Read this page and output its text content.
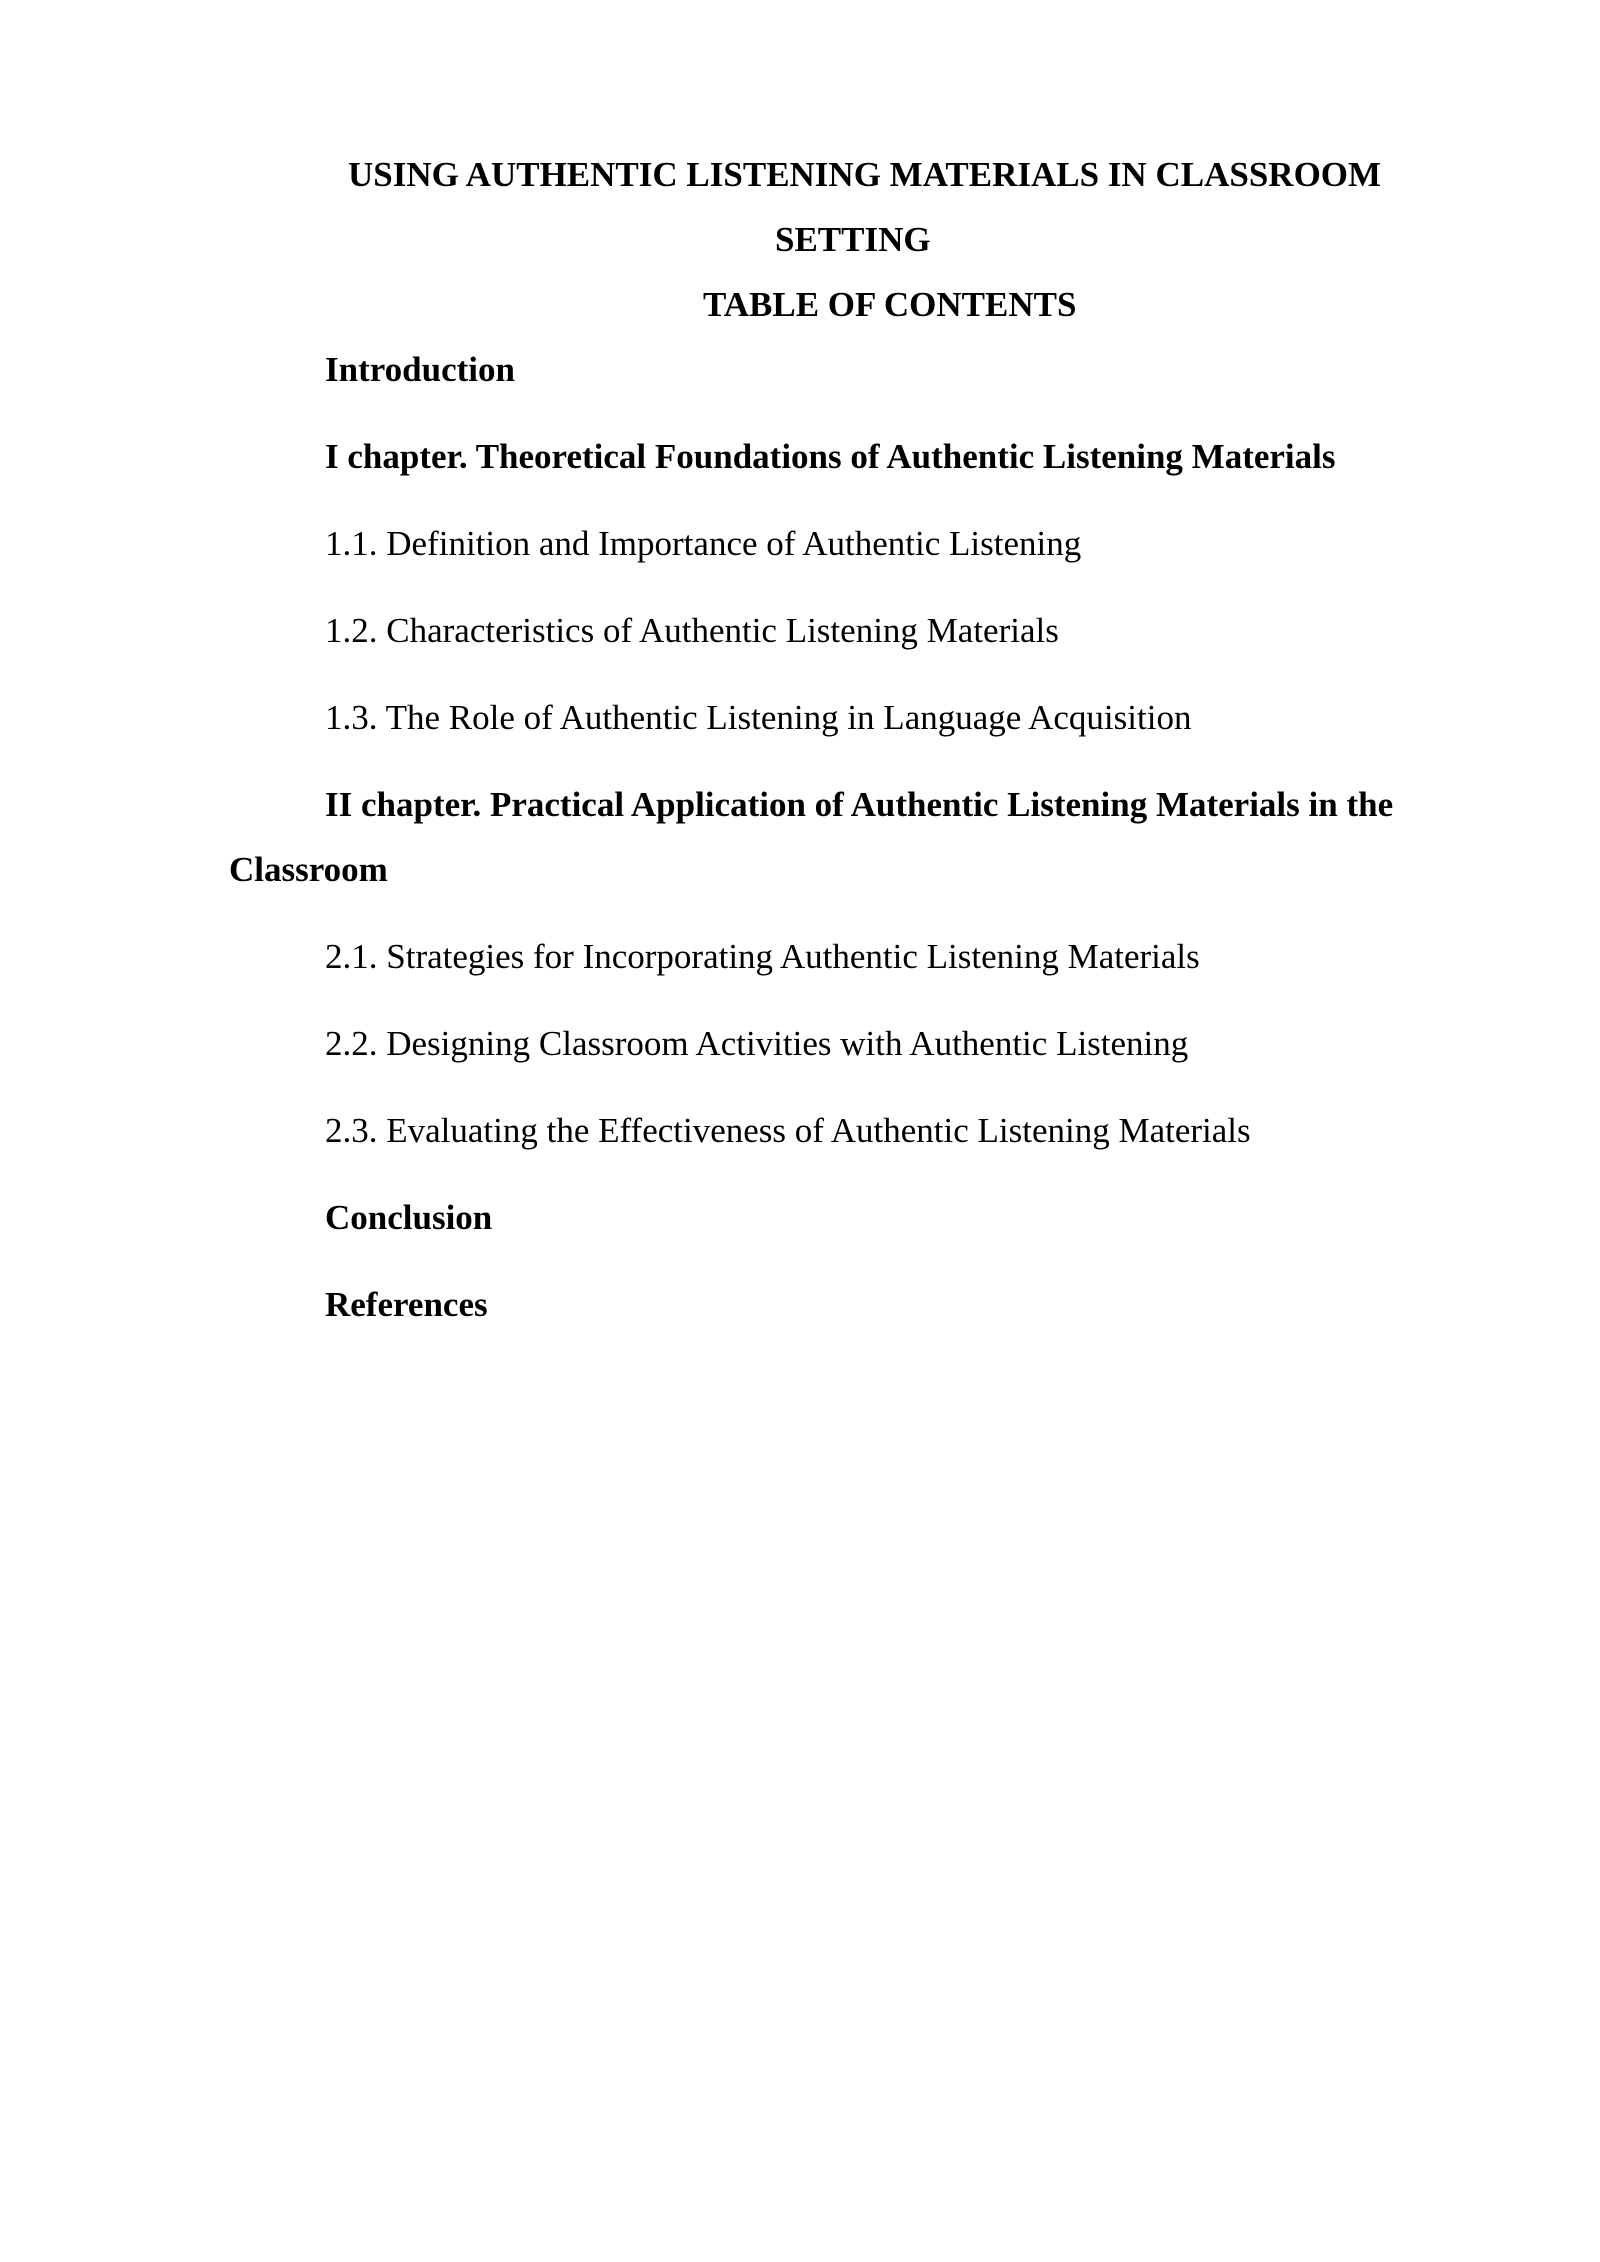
USING AUTHENTIC LISTENING MATERIALS IN CLASSROOM
SETTING
TABLE OF CONTENTS
Introduction
I chapter. Theoretical Foundations of Authentic Listening Materials
1.1. Definition and Importance of Authentic Listening
1.2. Characteristics of Authentic Listening Materials
1.3. The Role of Authentic Listening in Language Acquisition
II chapter. Practical Application of Authentic Listening Materials in the
Classroom
2.1. Strategies for Incorporating Authentic Listening Materials
2.2. Designing Classroom Activities with Authentic Listening
2.3. Evaluating the Effectiveness of Authentic Listening Materials
Conclusion
References
